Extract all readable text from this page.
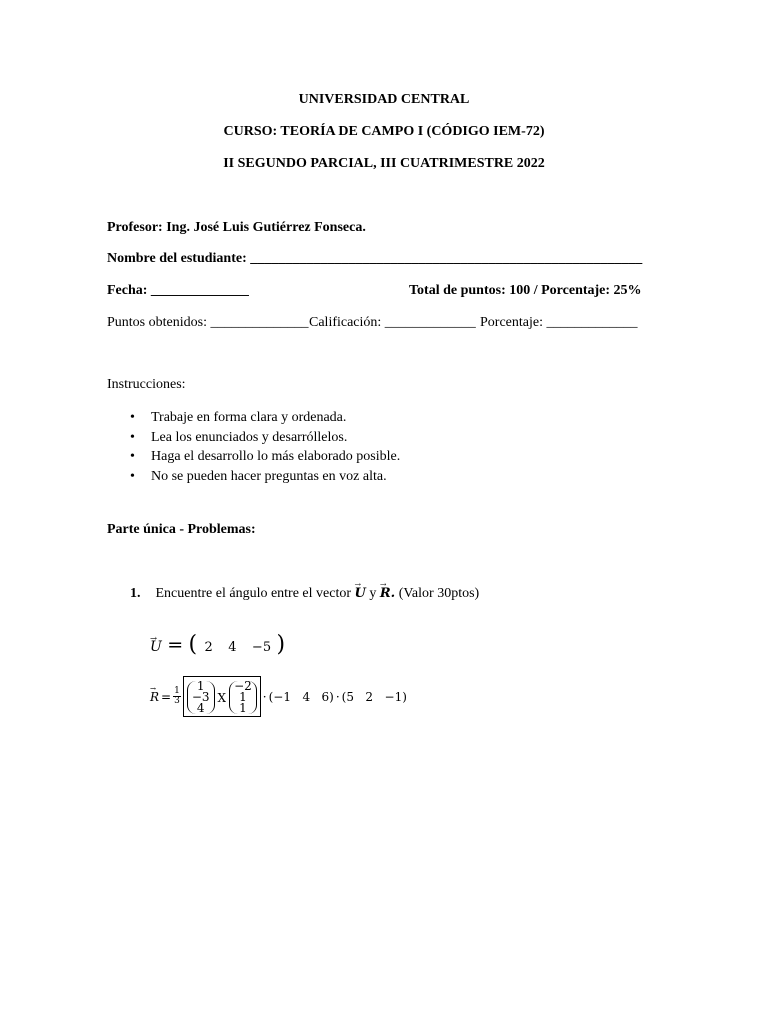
UNIVERSIDAD CENTRAL
CURSO: TEORÍA DE CAMPO I (CÓDIGO IEM-72)
II SEGUNDO PARCIAL, III CUATRIMESTRE 2022
Profesor: Ing. José Luis Gutiérrez Fonseca.
Nombre del estudiante: ________________________________________________________
Fecha: ______________	Total de puntos: 100 / Porcentaje: 25%
Puntos obtenidos: ______________ Calificación: _____________ Porcentaje: _____________
Instrucciones:
• Trabaje en forma clara y ordenada.
• Lea los enunciados y desarróllelos.
• Haga el desarrollo lo más elaborado posible.
• No se pueden hacer preguntas en voz alta.
Parte única - Problemas:
1. Encuentre el ángulo entre el vector → U y → R. (Valor 30ptos)
→ U = ( 2 4 −5 )
→ $R = \frac{1}{3}$
1
−3
4
X
−2
1
1
· (−1   4   6) · (5   2   −1)
